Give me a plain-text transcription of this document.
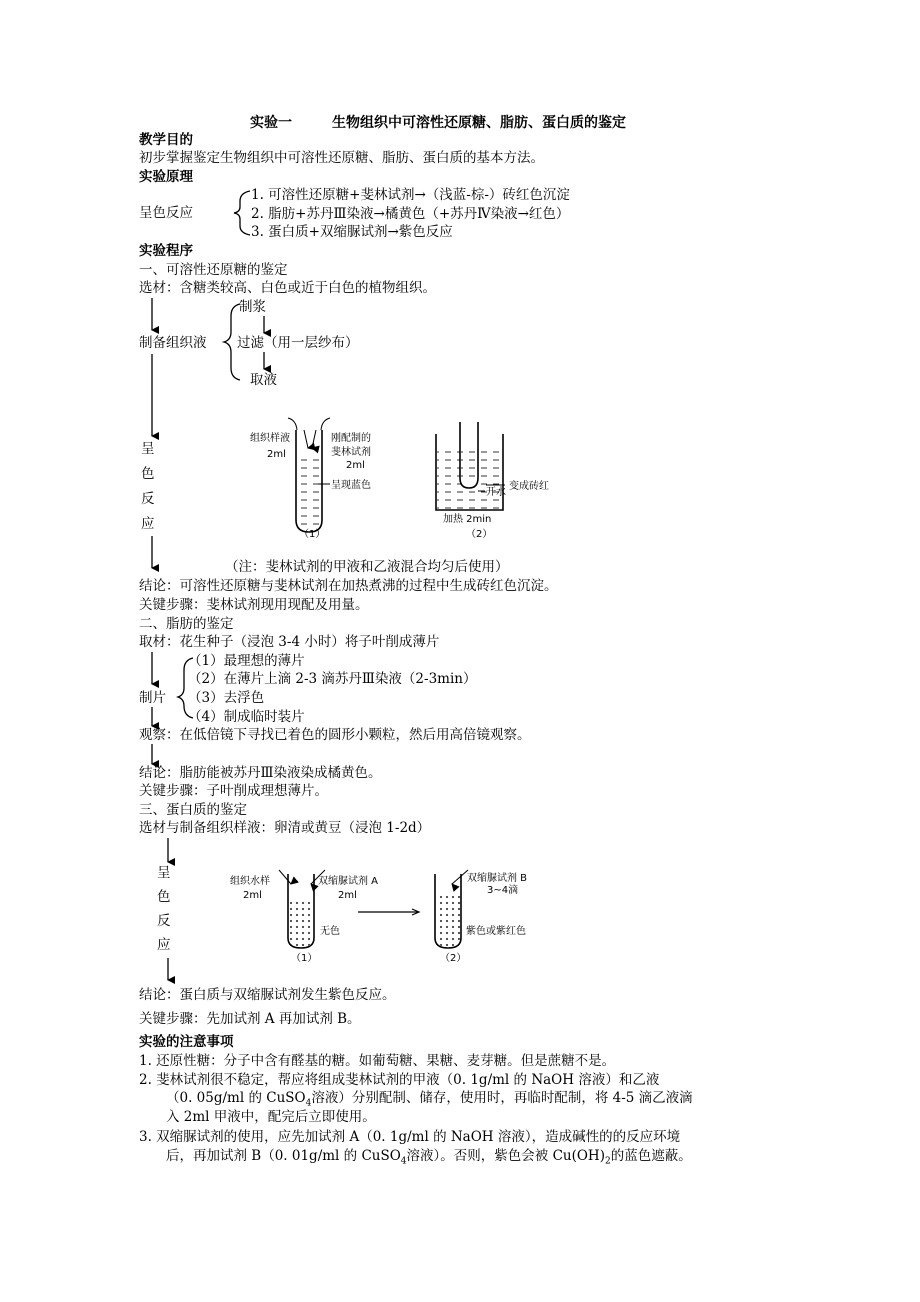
实验一	生物组织中可溶性还原糖、脂肪、蛋白质的鉴定
教学目的
初步掌握鉴定生物组织中可溶性还原糖、脂肪、蛋白质的基本方法。
实验原理
呈色反应
1. 可溶性还原糖+斐林试剂→（浅蓝-棕-）砖红色沉淀
2. 脂肪+苏丹Ⅲ染液→橘黄色（+苏丹Ⅳ染液→红色）
3. 蛋白质+双缩脲试剂→紫色反应
实验程序
一、可溶性还原糖的鉴定
选材：含糖类较高、白色或近于白色的植物组织。
制浆
制备组织液 过滤（用一层纱布）
取液
呈
色
反
应
（注：斐林试剂的甲液和乙液混合均匀后使用）
结论：可溶性还原糖与斐林试剂在加热煮沸的过程中生成砖红色沉淀。
关键步骤：斐林试剂现用现配及用量。
二、脂肪的鉴定
取材：花生种子（浸泡 3-4 小时）将子叶削成薄片
（1）最理想的薄片
（2）在薄片上滴 2-3 滴苏丹Ⅲ染液（2-3min）
制片 （3）去浮色
（4）制成临时装片
观察：在低倍镜下寻找已着色的圆形小颗粒，然后用高倍镜观察。
结论：脂肪能被苏丹Ⅲ染液染成橘黄色。
关键步骤：子叶削成理想薄片。
三、蛋白质的鉴定
选材与制备组织样液：卵清或黄豆（浸泡 1-2d）
呈
色
反
应
结论：蛋白质与双缩脲试剂发生紫色反应。
关键步骤：先加试剂 A 再加试剂 B。
实验的注意事项
1. 还原性糖：分子中含有醛基的糖。如葡萄糖、果糖、麦芽糖。但是蔗糖不是。
2. 斐林试剂很不稳定，帮应将组成斐林试剂的甲液（0. 1g/ml 的 NaOH 溶液）和乙液
（0. 05g/ml 的 CuSO$_4$溶液）分别配制、储存，使用时，再临时配制，将 4-5 滴乙液滴
入 2ml 甲液中，配完后立即使用。
3. 双缩脲试剂的使用，应先加试剂 A（0. 1g/ml 的 NaOH 溶液），造成碱性的的反应环境
后，再加试剂 B（0. 01g/ml 的 CuSO$_4$溶液）。否则，紫色会被 $Cu(OH)_2$的蓝色遮蔽。
组织样液
2ml
刚配制的
斐林试剂
2ml
呈现蓝色
开水
变成砖红
加热 2min
（1）	（2）
组织水样
2ml
双缩脲试剂 A
2ml
无色
双缩脲试剂 B
3~4滴
紫色或紫红色
（1）	（2）
